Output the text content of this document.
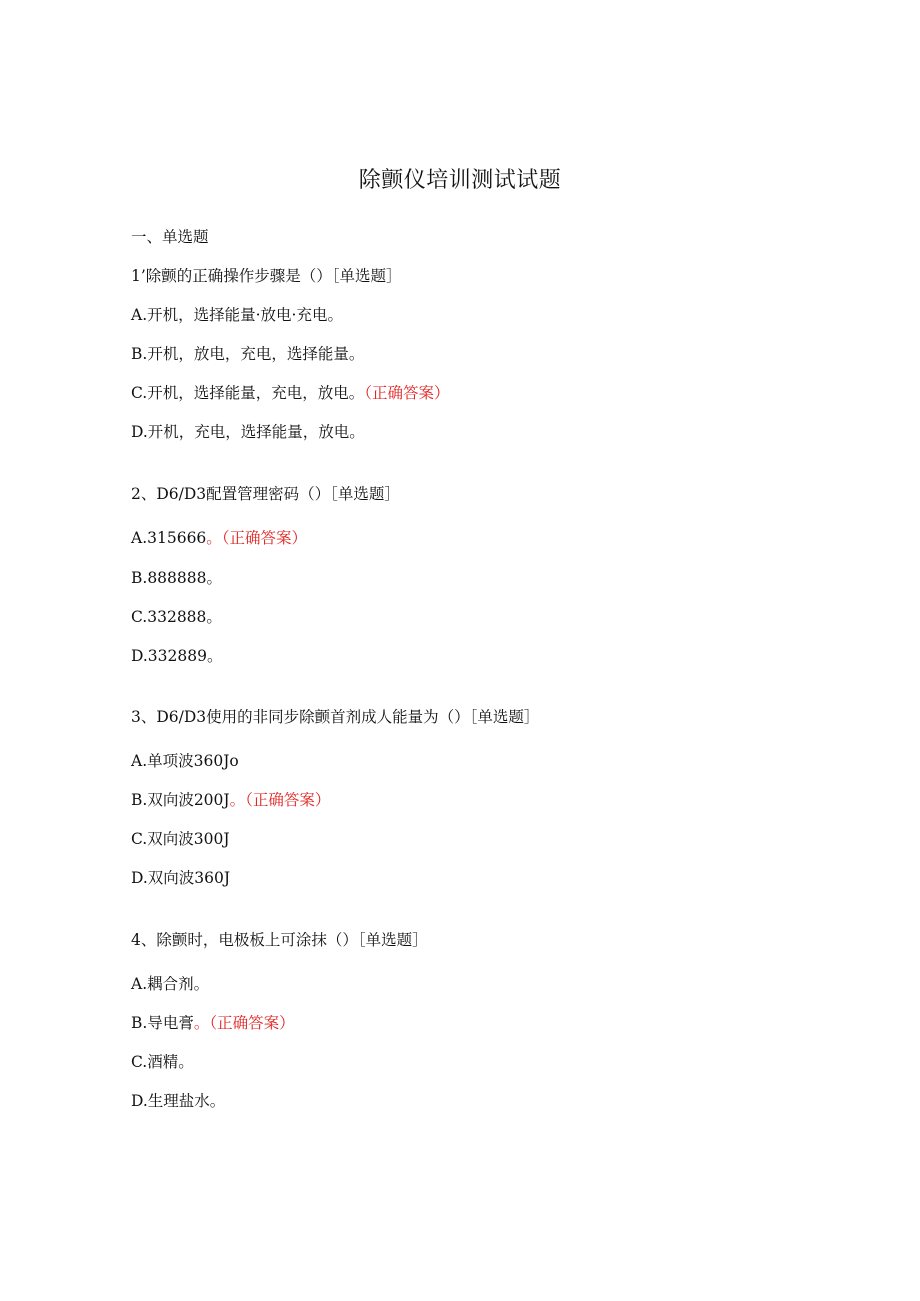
除颤仪培训测试试题
一、单选题
1’除颤的正确操作步骤是（）［单选题］
A.开机，选择能量·放电·充电。
B.开机，放电，充电，选择能量。
C.开机，选择能量，充电，放电。（正确答案）
D.开机，充电，选择能量，放电。
2、D6/D3配置管理密码（）［单选题］
A.315666。（正确答案）
B.888888。
C.332888。
D.332889。
3、D6/D3使用的非同步除颤首剂成人能量为（）［单选题］
A.单项波360Jo
B.双向波200J。（正确答案）
C.双向波300J
D.双向波360J
4、除颤时，电极板上可涂抹（）［单选题］
A.耦合剂。
B.导电膏。（正确答案）
C.酒精。
D.生理盐水。
